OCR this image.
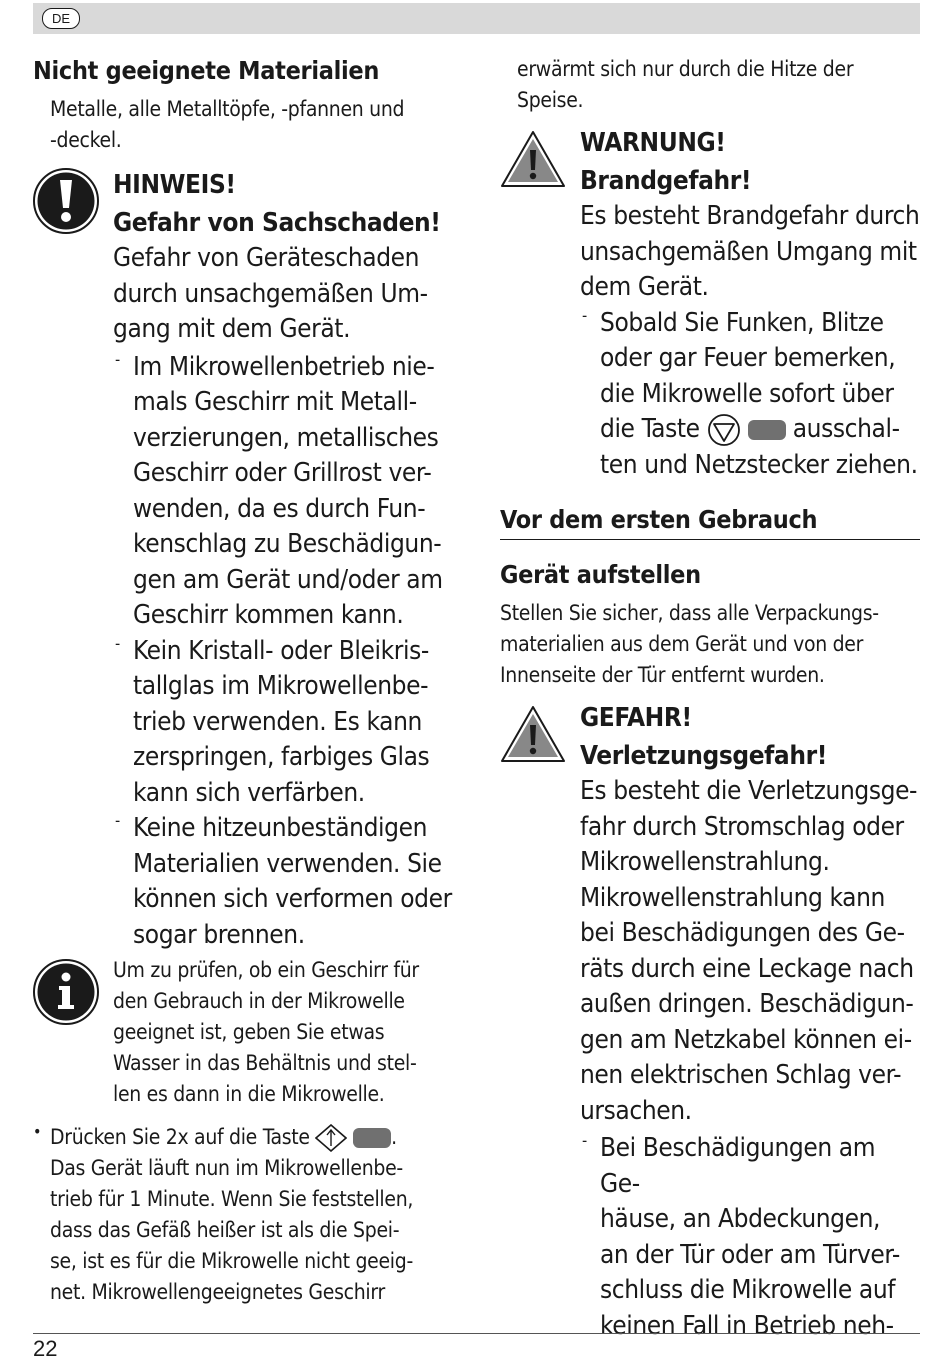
DE
Nicht geeignete Materialien

Metalle, alle Metalltöpfe, -pfannen und

-deckel.

HINWEIS!

Gefahr von Sachschaden!

Gefahr von Geräteschaden

durch unsachgemäßen Um-

gang mit dem Gerät.

- Im Mikrowellenbetrieb nie-

mals Geschirr mit Metall-

verzierungen, metallisches

Geschirr oder Grillrost ver-

wenden, da es durch Fun-

kenschlag zu Beschädigun-

gen am Gerät und/oder am

Geschirr kommen kann.

- Kein Kristall- oder Bleikris-

tallglas im Mikrowellenbe-

trieb verwenden. Es kann

zerspringen, farbiges Glas

kann sich verfärben.

- Keine hitzeunbeständigen

Materialien verwenden. Sie

können sich verformen oder

sogar brennen.

Um zu prüfen, ob ein Geschirr für

den Gebrauch in der Mikrowelle

geeignet ist, geben Sie etwas

Wasser in das Behältnis und stel-

len es dann in die Mikrowelle.

• Drücken Sie 2x auf die Taste	.

Das Gerät läuft nun im Mikrowellenbe-

trieb für 1 Minute. Wenn Sie feststellen,

dass das Gefäß heißer ist als die Spei-

se, ist es für die Mikrowelle nicht geeig-

net. Mikrowellengeeignetes Geschirr

erwärmt sich nur durch die Hitze der

Speise.

WARNUNG!

Brandgefahr!

Es besteht Brandgefahr durch

unsachgemäßen Umgang mit

dem Gerät.

- Sobald Sie Funken, Blitze

oder gar Feuer bemerken,

die Mikrowelle sofort über

die Taste	ausschal-

ten und Netzstecker ziehen.

Vor dem ersten Gebrauch
Gerät aufstellen

Stellen Sie sicher, dass alle Verpackungs-

materialien aus dem Gerät und von der

Innenseite der Tür entfernt wurden.

GEFAHR!

Verletzungsgefahr!

Es besteht die Verletzungsge-

fahr durch Stromschlag oder

Mikrowellenstrahlung.

Mikrowellenstrahlung kann

bei Beschädigungen des Ge-

räts durch eine Leckage nach

außen dringen. Beschädigun-

gen am Netzkabel können ei-

nen elektrischen Schlag ver-

ursachen.

- Bei Beschädigungen am Ge-

häuse, an Abdeckungen,

an der Tür oder am Türver-

schluss die Mikrowelle auf

keinen Fall in Betrieb neh-

22
